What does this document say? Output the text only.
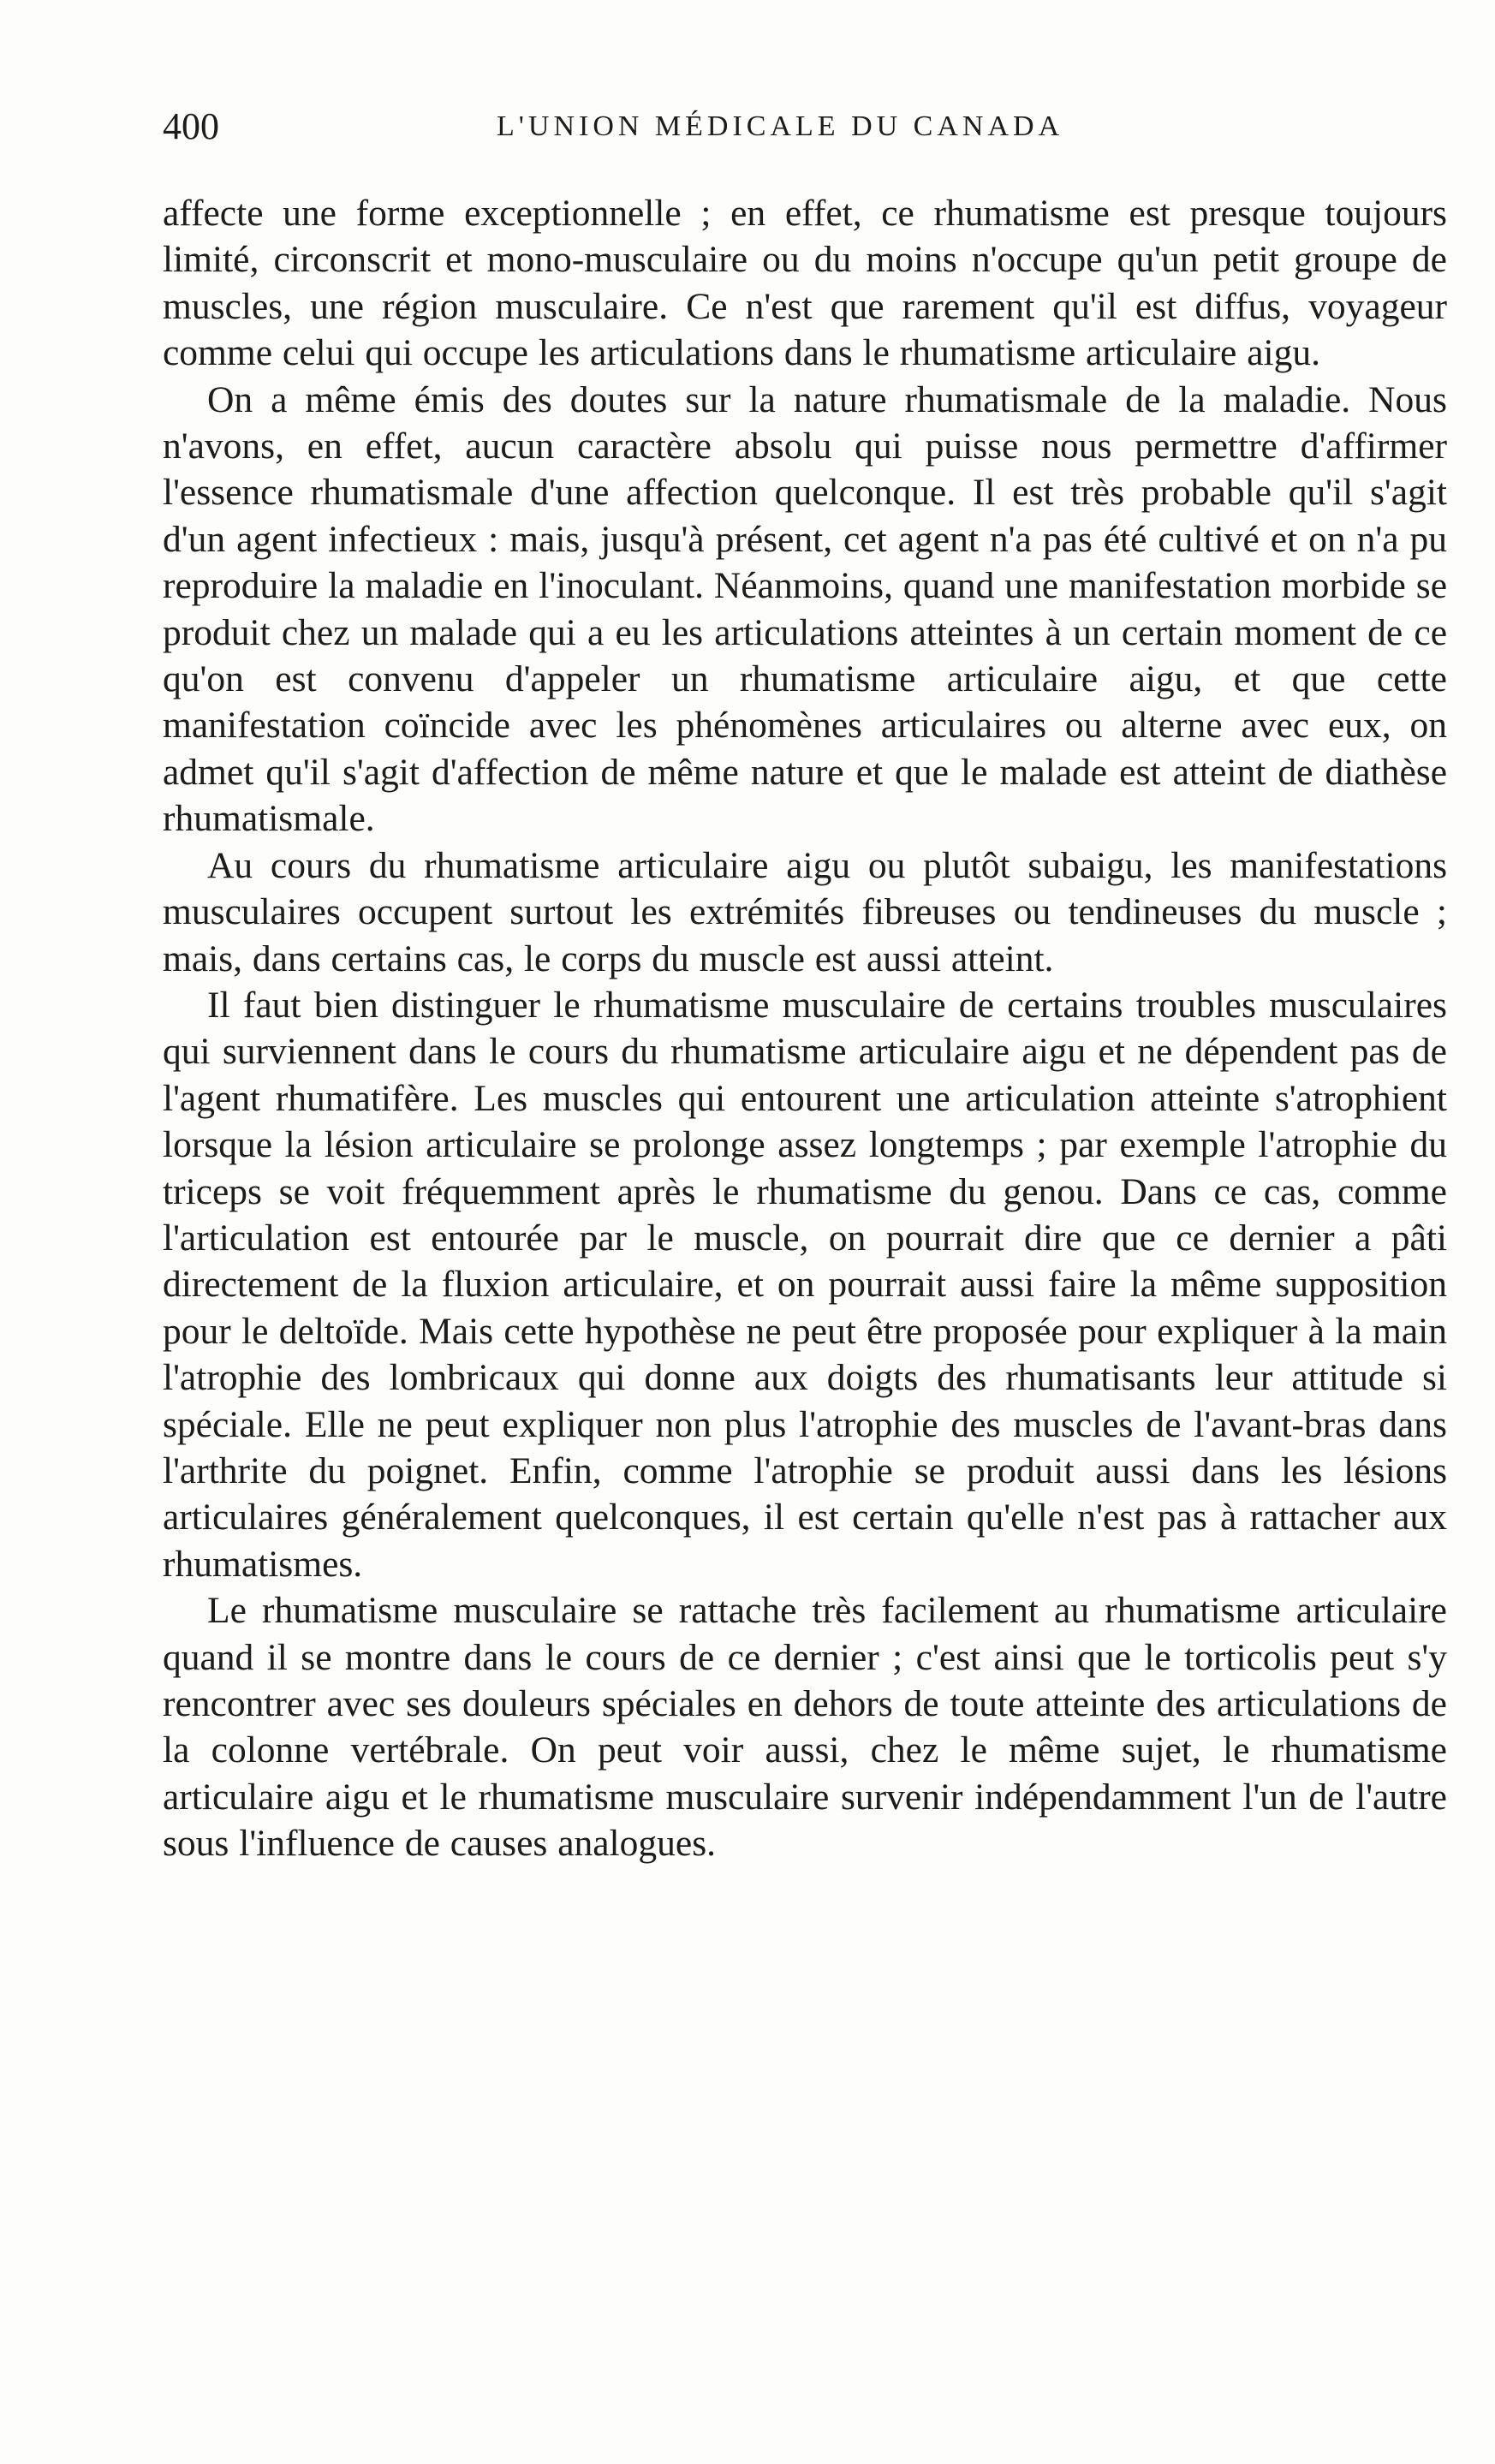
400	L'UNION MÉDICALE DU CANADA

affecte une forme exceptionnelle ; en effet, ce rhumatisme est presque toujours limité, circonscrit et mono-musculaire ou du moins n'occupe qu'un petit groupe de muscles, une région musculaire. Ce n'est que rarement qu'il est diffus, voyageur comme celui qui occupe les articulations dans le rhumatisme articulaire aigu.

On a même émis des doutes sur la nature rhumatismale de la maladie. Nous n'avons, en effet, aucun caractère absolu qui puisse nous permettre d'affirmer l'essence rhumatismale d'une affection quelconque. Il est très probable qu'il s'agit d'un agent infectieux : mais, jusqu'à présent, cet agent n'a pas été cultivé et on n'a pu reproduire la maladie en l'inoculant. Néanmoins, quand une manifestation morbide se produit chez un malade qui a eu les articulations atteintes à un certain moment de ce qu'on est convenu d'appeler un rhumatisme articulaire aigu, et que cette manifestation coïncide avec les phénomènes articulaires ou alterne avec eux, on admet qu'il s'agit d'affection de même nature et que le malade est atteint de diathèse rhumatismale.

Au cours du rhumatisme articulaire aigu ou plutôt subaigu, les manifestations musculaires occupent surtout les extrémités fibreuses ou tendineuses du muscle ; mais, dans certains cas, le corps du muscle est aussi atteint.

Il faut bien distinguer le rhumatisme musculaire de certains troubles musculaires qui surviennent dans le cours du rhumatisme articulaire aigu et ne dépendent pas de l'agent rhumatifère. Les muscles qui entourent une articulation atteinte s'atrophient lorsque la lésion articulaire se prolonge assez longtemps ; par exemple l'atrophie du triceps se voit fréquemment après le rhumatisme du genou. Dans ce cas, comme l'articulation est entourée par le muscle, on pourrait dire que ce dernier a pâti directement de la fluxion articulaire, et on pourrait aussi faire la même supposition pour le deltoïde. Mais cette hypothèse ne peut être proposée pour expliquer à la main l'atrophie des lombricaux qui donne aux doigts des rhumatisants leur attitude si spéciale. Elle ne peut expliquer non plus l'atrophie des muscles de l'avant-bras dans l'arthrite du poignet. Enfin, comme l'atrophie se produit aussi dans les lésions articulaires généralement quelconques, il est certain qu'elle n'est pas à rattacher aux rhumatismes.

Le rhumatisme musculaire se rattache très facilement au rhumatisme articulaire quand il se montre dans le cours de ce dernier ; c'est ainsi que le torticolis peut s'y rencontrer avec ses douleurs spéciales en dehors de toute atteinte des articulations de la colonne vertébrale. On peut voir aussi, chez le même sujet, le rhumatisme articulaire aigu et le rhumatisme musculaire survenir indépendamment l'un de l'autre sous l'influence de causes analogues.
